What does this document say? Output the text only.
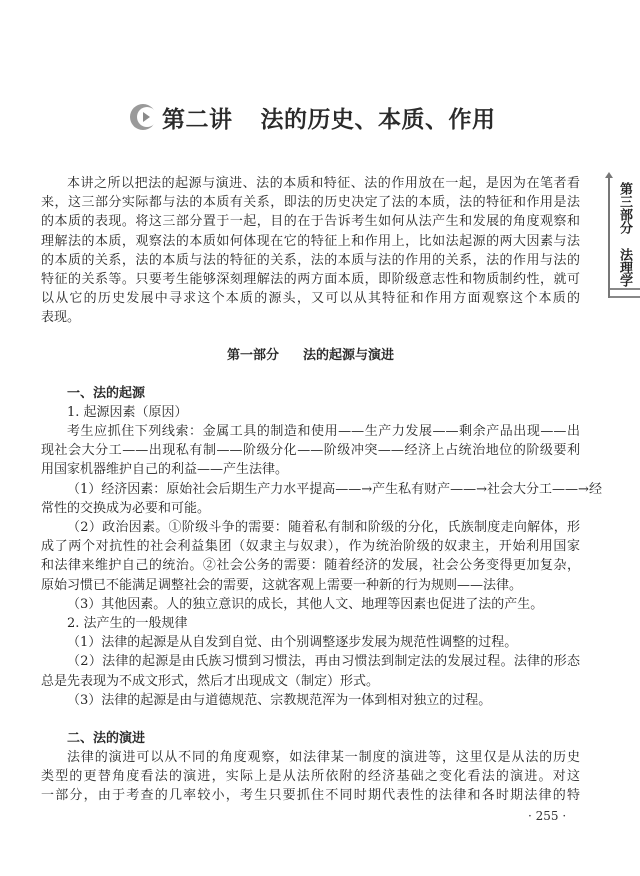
第二讲 法的历史、本质、作用
第三部分
法理学
本讲之所以把法的起源与演进、法的本质和特征、法的作用放在一起，是因为在笔者看
来，这三部分实际都与法的本质有关系，即法的历史决定了法的本质，法的特征和作用是法
的本质的表现。将这三部分置于一起，目的在于告诉考生如何从法产生和发展的角度观察和
理解法的本质，观察法的本质如何体现在它的特征上和作用上，比如法起源的两大因素与法
的本质的关系，法的本质与法的特征的关系，法的本质与法的作用的关系，法的作用与法的
特征的关系等。只要考生能够深刻理解法的两方面本质，即阶级意志性和物质制约性，就可
以从它的历史发展中寻求这个本质的源头，又可以从其特征和作用方面观察这个本质的
表现。
第一部分 法的起源与演进
一、法的起源
1. 起源因素（原因）
考生应抓住下列线索：金属工具的制造和使用——生产力发展——剩余产品出现——出
现社会大分工——出现私有制——阶级分化——阶级冲突——经济上占统治地位的阶级要利
用国家机器维护自己的利益——产生法律。
（1）经济因素：原始社会后期生产力水平提高——→产生私有财产——→社会大分工——→经
常性的交换成为必要和可能。
（2）政治因素。①阶级斗争的需要：随着私有制和阶级的分化，氏族制度走向解体，形
成了两个对抗性的社会利益集团（奴隶主与奴隶），作为统治阶级的奴隶主，开始利用国家
和法律来维护自己的统治。②社会公务的需要：随着经济的发展，社会公务变得更加复杂，
原始习惯已不能满足调整社会的需要，这就客观上需要一种新的行为规则——法律。
（3）其他因素。人的独立意识的成长，其他人文、地理等因素也促进了法的产生。
2. 法产生的一般规律
（1）法律的起源是从自发到自觉、由个别调整逐步发展为规范性调整的过程。
（2）法律的起源是由氏族习惯到习惯法，再由习惯法到制定法的发展过程。法律的形态
总是先表现为不成文形式，然后才出现成文（制定）形式。
（3）法律的起源是由与道德规范、宗教规范浑为一体到相对独立的过程。
二、法的演进
法律的演进可以从不同的角度观察，如法律某一制度的演进等，这里仅是从法的历史
类型的更替角度看法的演进，实际上是从法所依附的经济基础之变化看法的演进。对这
一部分，由于考查的几率较小，考生只要抓住不同时期代表性的法律和各时期法律的特
· 255 ·
